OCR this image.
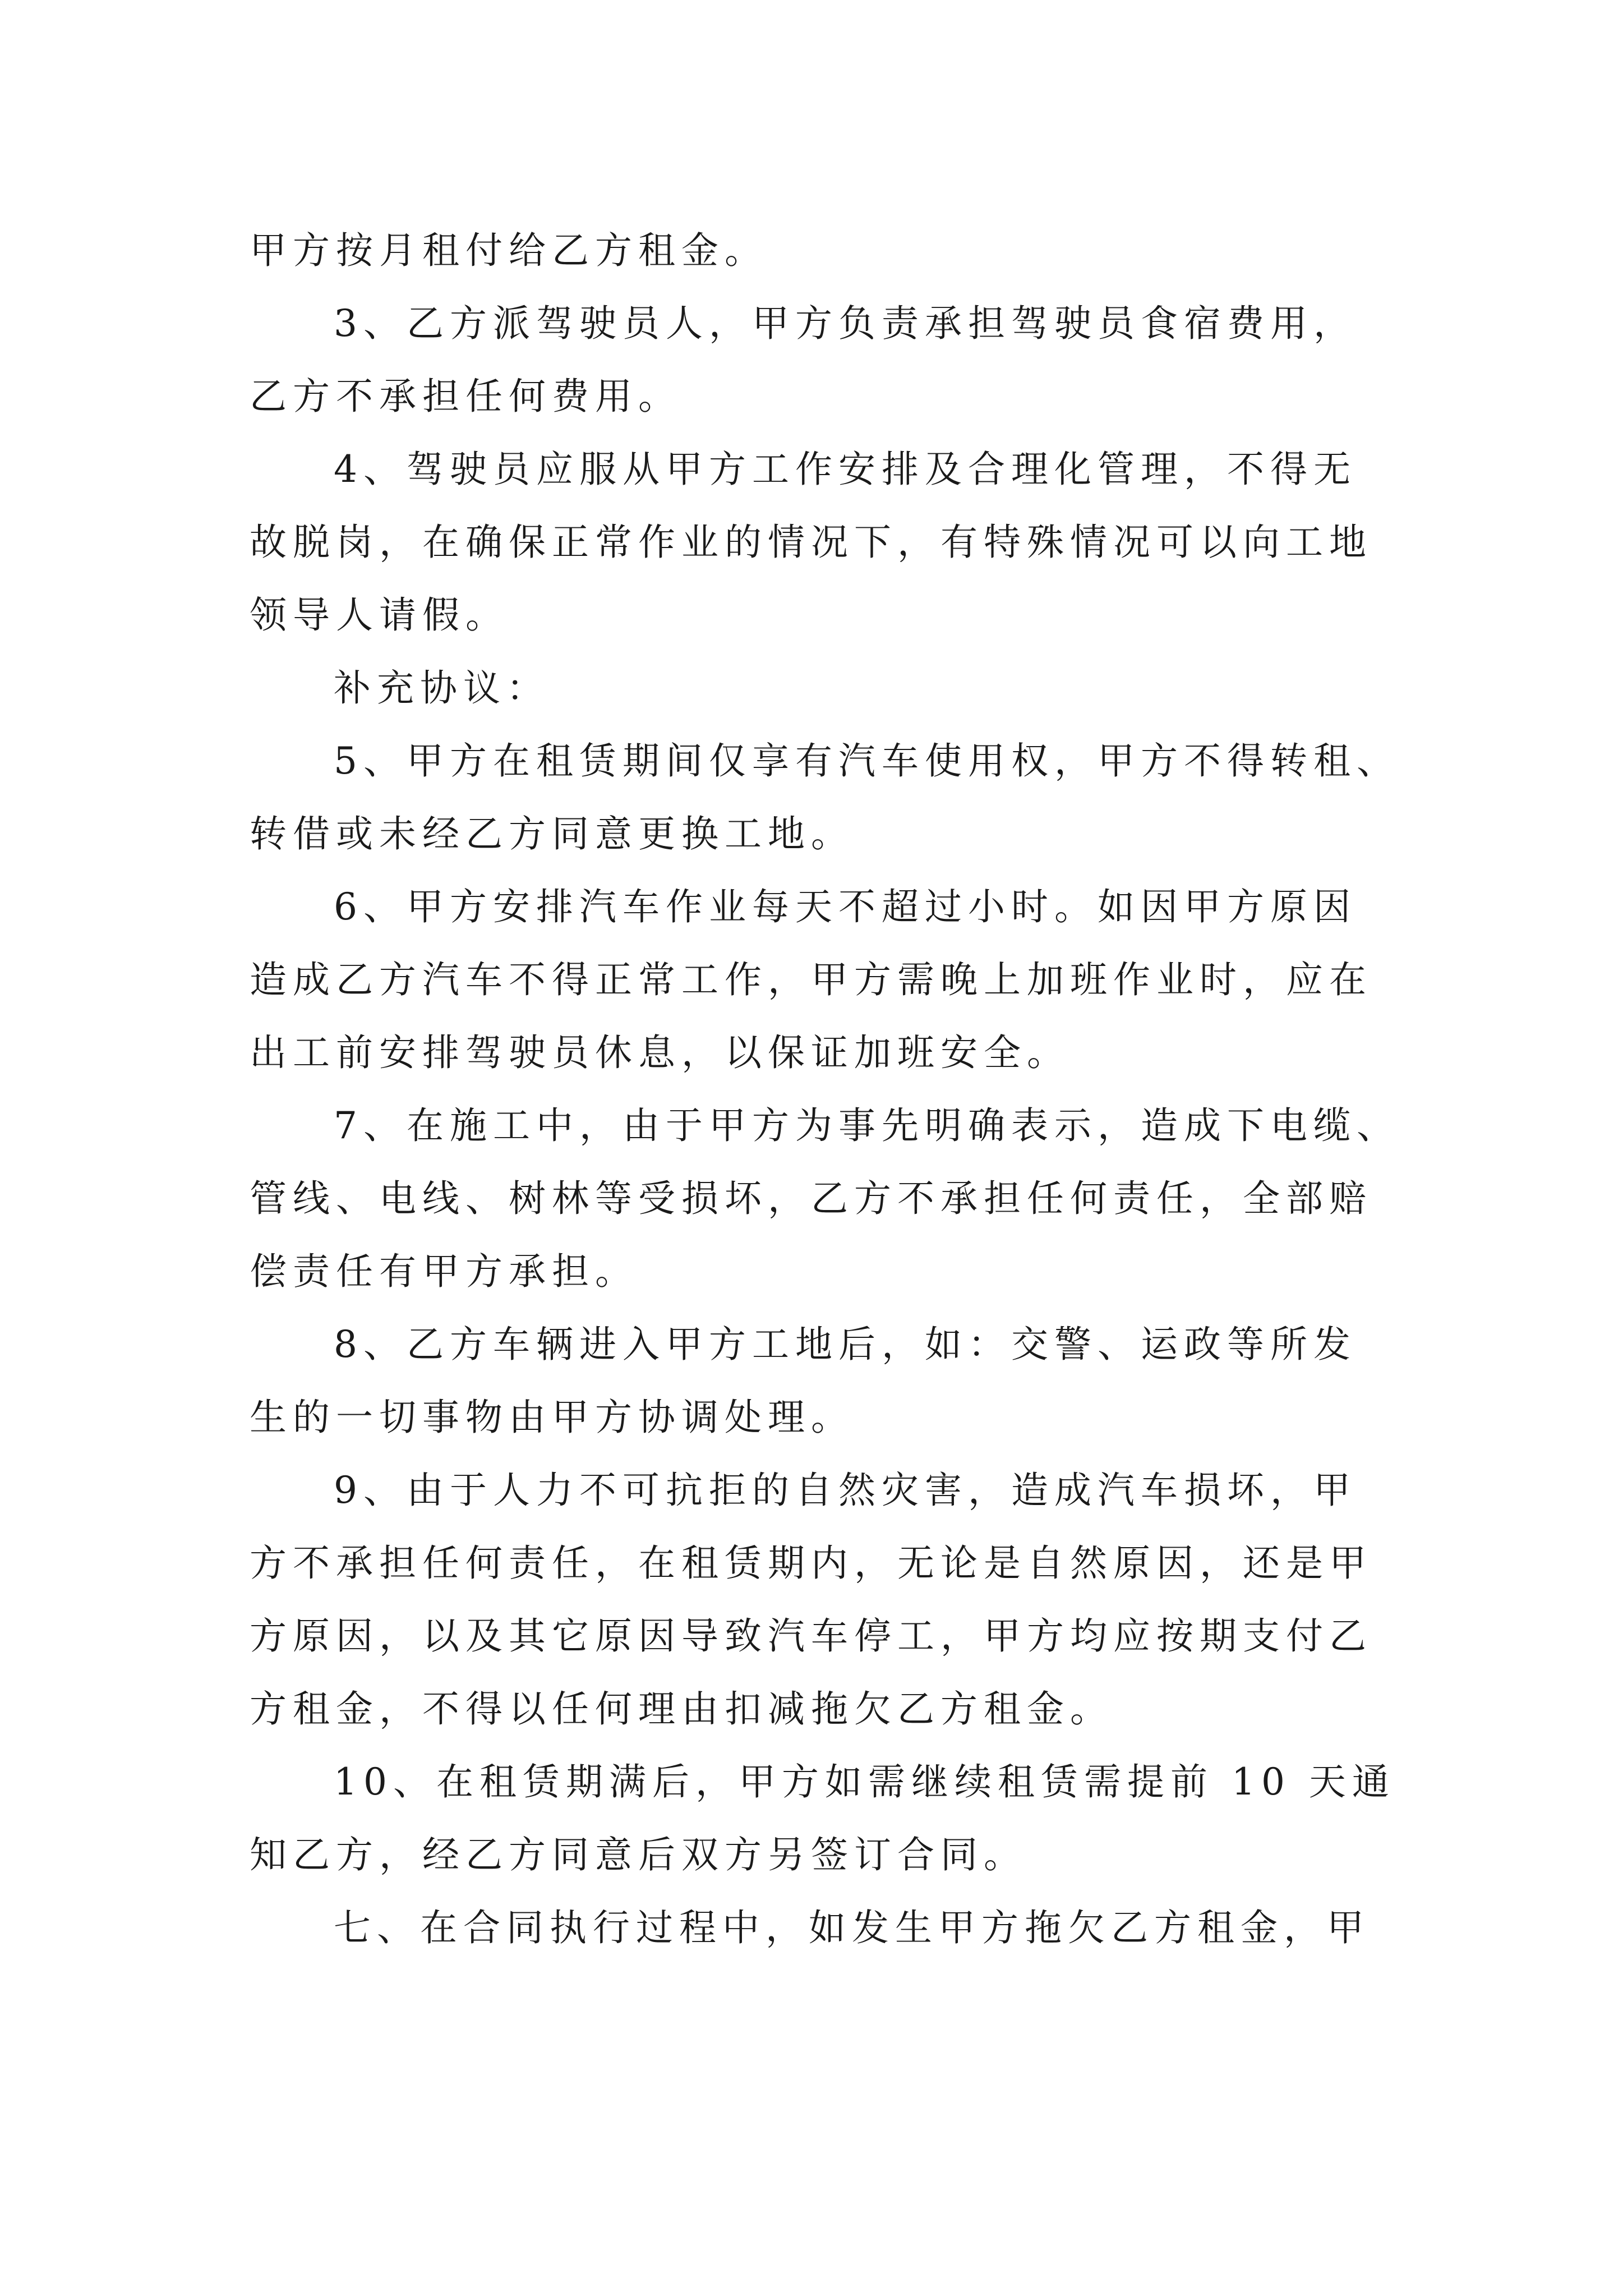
甲方按月租付给乙方租金。
3、乙方派驾驶员人，甲方负责承担驾驶员食宿费用，
乙方不承担任何费用。
4、驾驶员应服从甲方工作安排及合理化管理，不得无
故脱岗，在确保正常作业的情况下，有特殊情况可以向工地
领导人请假。
补充协议：
5、甲方在租赁期间仅享有汽车使用权，甲方不得转租、
转借或未经乙方同意更换工地。
6、甲方安排汽车作业每天不超过小时。如因甲方原因
造成乙方汽车不得正常工作，甲方需晚上加班作业时，应在
出工前安排驾驶员休息，以保证加班安全。
7、在施工中，由于甲方为事先明确表示，造成下电缆、
管线、电线、树林等受损坏，乙方不承担任何责任，全部赔
偿责任有甲方承担。
8、乙方车辆进入甲方工地后，如：交警、运政等所发
生的一切事物由甲方协调处理。
9、由于人力不可抗拒的自然灾害，造成汽车损坏，甲
方不承担任何责任，在租赁期内，无论是自然原因，还是甲
方原因，以及其它原因导致汽车停工，甲方均应按期支付乙
方租金，不得以任何理由扣减拖欠乙方租金。
10、在租赁期满后，甲方如需继续租赁需提前 10 天通
知乙方，经乙方同意后双方另签订合同。
七、在合同执行过程中，如发生甲方拖欠乙方租金，甲
